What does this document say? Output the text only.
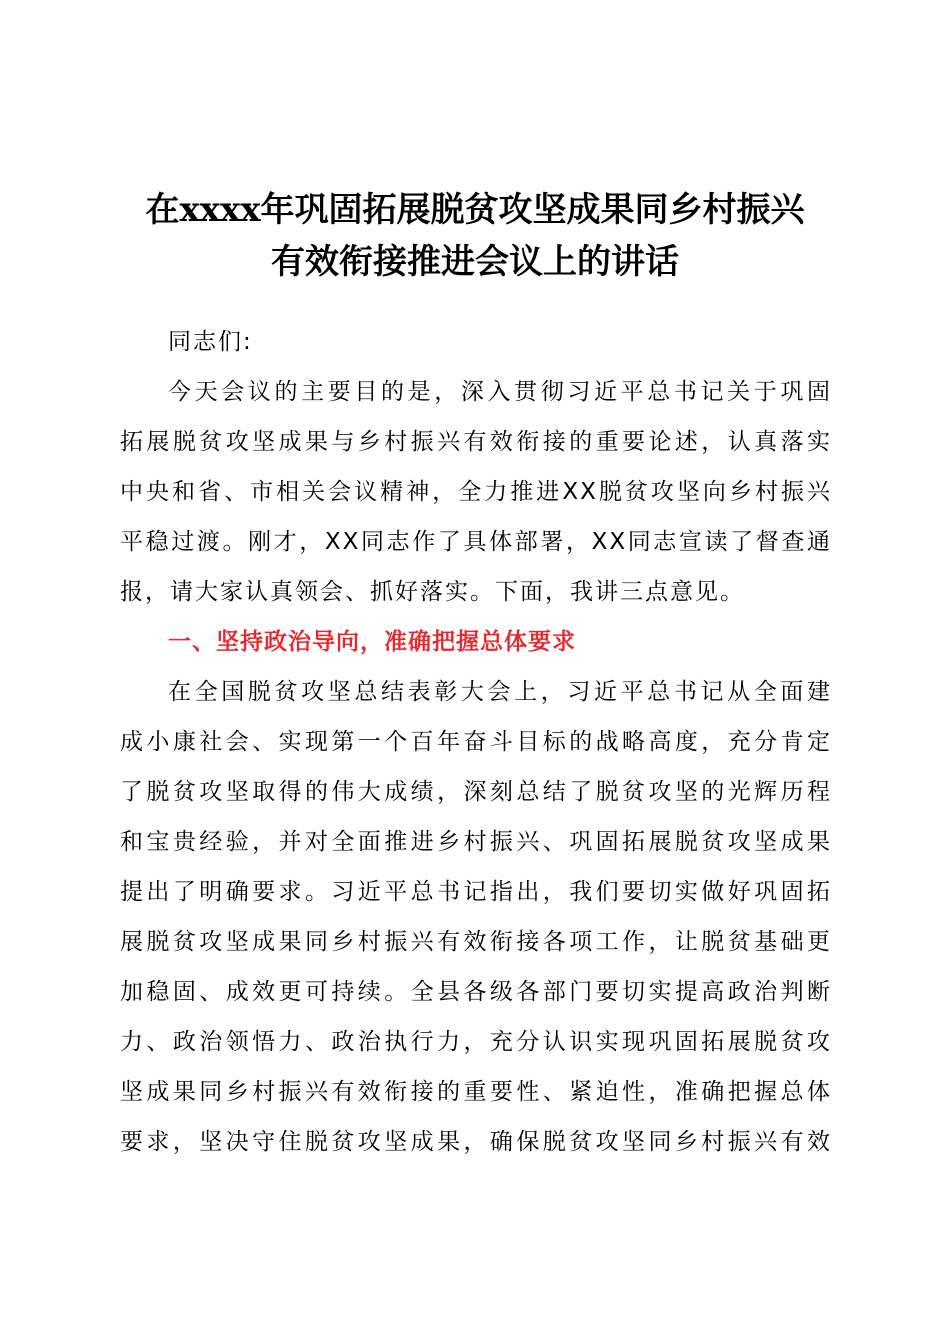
在xxxx年巩固拓展脱贫攻坚成果同乡村振兴
有效衔接推进会议上的讲话
同志们:
今天会议的主要目的是，深入贯彻习近平总书记关于巩固
拓展脱贫攻坚成果与乡村振兴有效衔接的重要论述，认真落实
中央和省、市相关会议精神，全力推进XX脱贫攻坚向乡村振兴
平稳过渡。刚才，XX同志作了具体部署，XX同志宣读了督查通
报，请大家认真领会、抓好落实。下面，我讲三点意见。
一、坚持政治导向，准确把握总体要求
在全国脱贫攻坚总结表彰大会上，习近平总书记从全面建
成小康社会、实现第一个百年奋斗目标的战略高度，充分肯定
了脱贫攻坚取得的伟大成绩，深刻总结了脱贫攻坚的光辉历程
和宝贵经验，并对全面推进乡村振兴、巩固拓展脱贫攻坚成果
提出了明确要求。习近平总书记指出，我们要切实做好巩固拓
展脱贫攻坚成果同乡村振兴有效衔接各项工作，让脱贫基础更
加稳固、成效更可持续。全县各级各部门要切实提高政治判断
力、政治领悟力、政治执行力，充分认识实现巩固拓展脱贫攻
坚成果同乡村振兴有效衔接的重要性、紧迫性，准确把握总体
要求，坚决守住脱贫攻坚成果，确保脱贫攻坚同乡村振兴有效
